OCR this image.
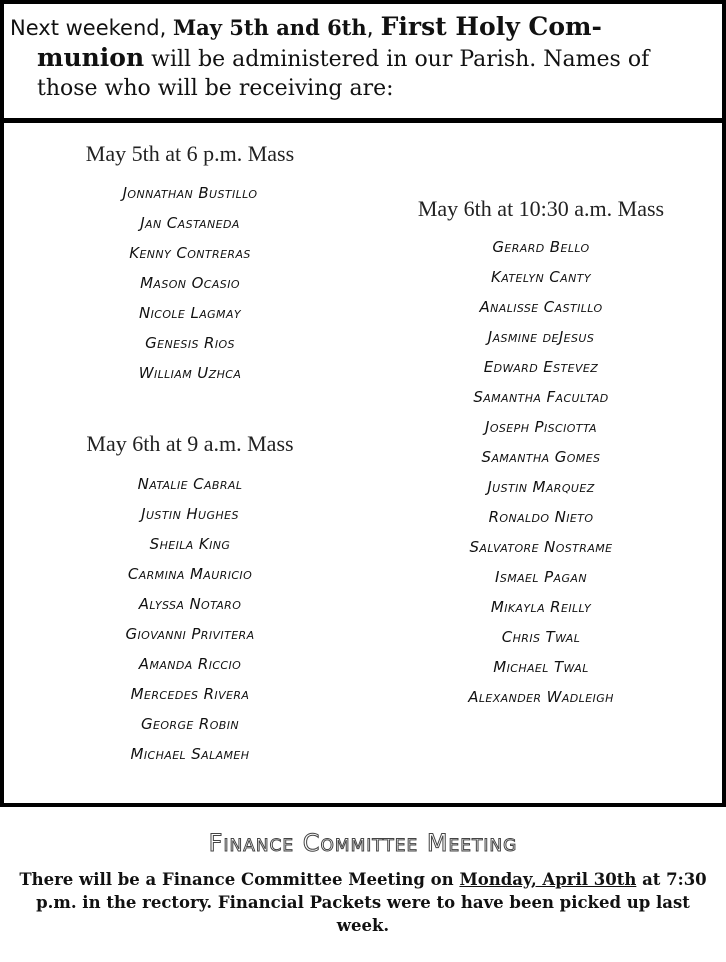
Next weekend, May 5th and 6th, First Holy Com-
munion will be administered in our Parish. Names of
those who will be receiving are:
May 5th at 6 p.m. Mass
Jonnathan Bustillo
Jan Castaneda
Kenny Contreras
Mason Ocasio
Nicole Lagmay
Genesis Rios
William Uzhca
May 6th at 9 a.m. Mass
Natalie Cabral
Justin Hughes
Sheila King
Carmina Mauricio
Alyssa Notaro
Giovanni Privitera
Amanda Riccio
Mercedes Rivera
George Robin
Michael Salameh
May 6th at 10:30 a.m. Mass
Gerard Bello
Katelyn Canty
Analisse Castillo
Jasmine deJesus
Edward Estevez
Samantha Facultad
Joseph Pisciotta
Samantha Gomes
Justin Marquez
Ronaldo Nieto
Salvatore Nostrame
Ismael Pagan
Mikayla Reilly
Chris Twal
Michael Twal
Alexander Wadleigh
Finance Committee Meeting
There will be a Finance Committee Meeting on Monday, April 30th at 7:30
p.m. in the rectory. Financial Packets were to have been picked up last
week.
